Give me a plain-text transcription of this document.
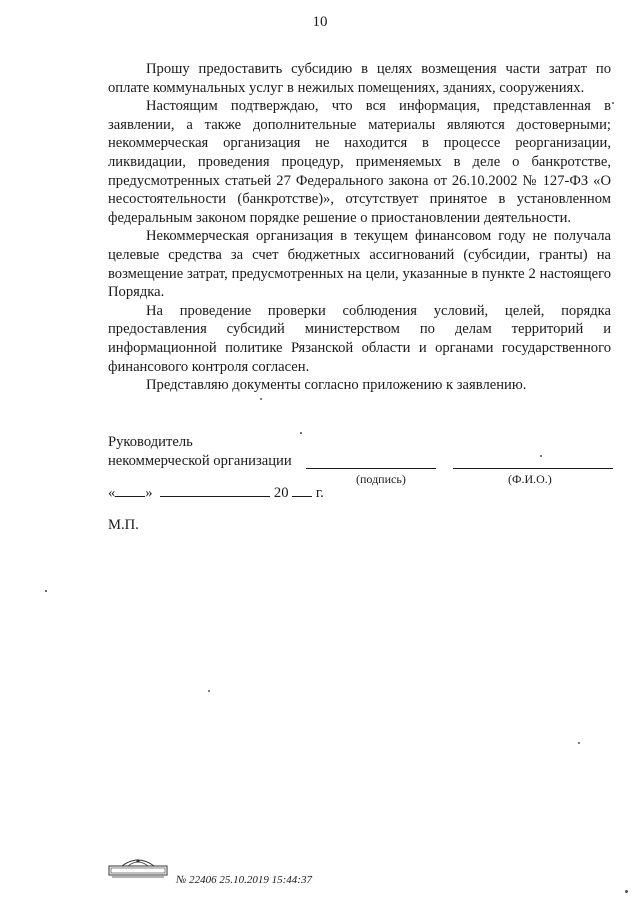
10

Прошу предоставить субсидию в целях возмещения части затрат по оплате коммунальных услуг в нежилых помещениях, зданиях, сооружениях.

Настоящим подтверждаю, что вся информация, представленная в заявлении, а также дополнительные материалы являются достоверными; некоммерческая организация не находится в процессе реорганизации, ликвидации, проведения процедур, применяемых в деле о банкротстве, предусмотренных статьей 27 Федерального закона от 26.10.2002 № 127-ФЗ «О несостоятельности (банкротстве)», отсутствует принятое в установленном федеральным законом порядке решение о приостановлении деятельности.

Некоммерческая организация в текущем финансовом году не получала целевые средства за счет бюджетных ассигнований (субсидии, гранты) на возмещение затрат, предусмотренных на цели, указанные в пункте 2 настоящего Порядка.

На проведение проверки соблюдения условий, целей, порядка предоставления субсидий министерством по делам территорий и информационной политике Рязанской области и органами государственного финансового контроля согласен.

Представляю документы согласно приложению к заявлению.

Руководитель
некоммерческой организации
(подпись)	(Ф.И.О.)
« »	20 г.
М.П.
№ 22406 25.10.2019 15:44:37
